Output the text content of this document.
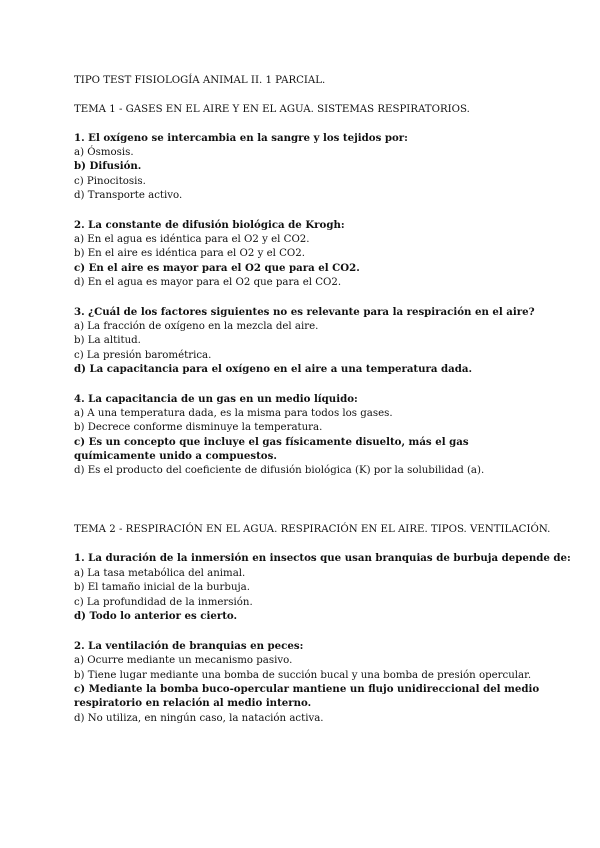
TIPO TEST FISIOLOGÍA ANIMAL II. 1 PARCIAL.
TEMA 1 - GASES EN EL AIRE Y EN EL AGUA. SISTEMAS RESPIRATORIOS.
1. El oxígeno se intercambia en la sangre y los tejidos por:
a) Ósmosis.
b) Difusión.
c) Pinocitosis.
d) Transporte activo.
2. La constante de difusión biológica de Krogh:
a) En el agua es idéntica para el O2 y el CO2.
b) En el aire es idéntica para el O2 y el CO2.
c) En el aire es mayor para el O2 que para el CO2.
d) En el agua es mayor para el O2 que para el CO2.
3. ¿Cuál de los factores siguientes no es relevante para la respiración en el aire?
a) La fracción de oxígeno en la mezcla del aire.
b) La altitud.
c) La presión barométrica.
d) La capacitancia para el oxígeno en el aire a una temperatura dada.
4. La capacitancia de un gas en un medio líquido:
a) A una temperatura dada, es la misma para todos los gases.
b) Decrece conforme disminuye la temperatura.
c) Es un concepto que incluye el gas físicamente disuelto, más el gas
químicamente unido a compuestos.
d) Es el producto del coeficiente de difusión biológica (K) por la solubilidad (a).
TEMA 2 - RESPIRACIÓN EN EL AGUA. RESPIRACIÓN EN EL AIRE. TIPOS. VENTILACIÓN.
1. La duración de la inmersión en insectos que usan branquias de burbuja depende de:
a) La tasa metabólica del animal.
b) El tamaño inicial de la burbuja.
c) La profundidad de la inmersión.
d) Todo lo anterior es cierto.
2. La ventilación de branquias en peces:
a) Ocurre mediante un mecanismo pasivo.
b) Tiene lugar mediante una bomba de succión bucal y una bomba de presión opercular.
c) Mediante la bomba buco-opercular mantiene un flujo unidireccional del medio
respiratorio en relación al medio interno.
d) No utiliza, en ningún caso, la natación activa.
